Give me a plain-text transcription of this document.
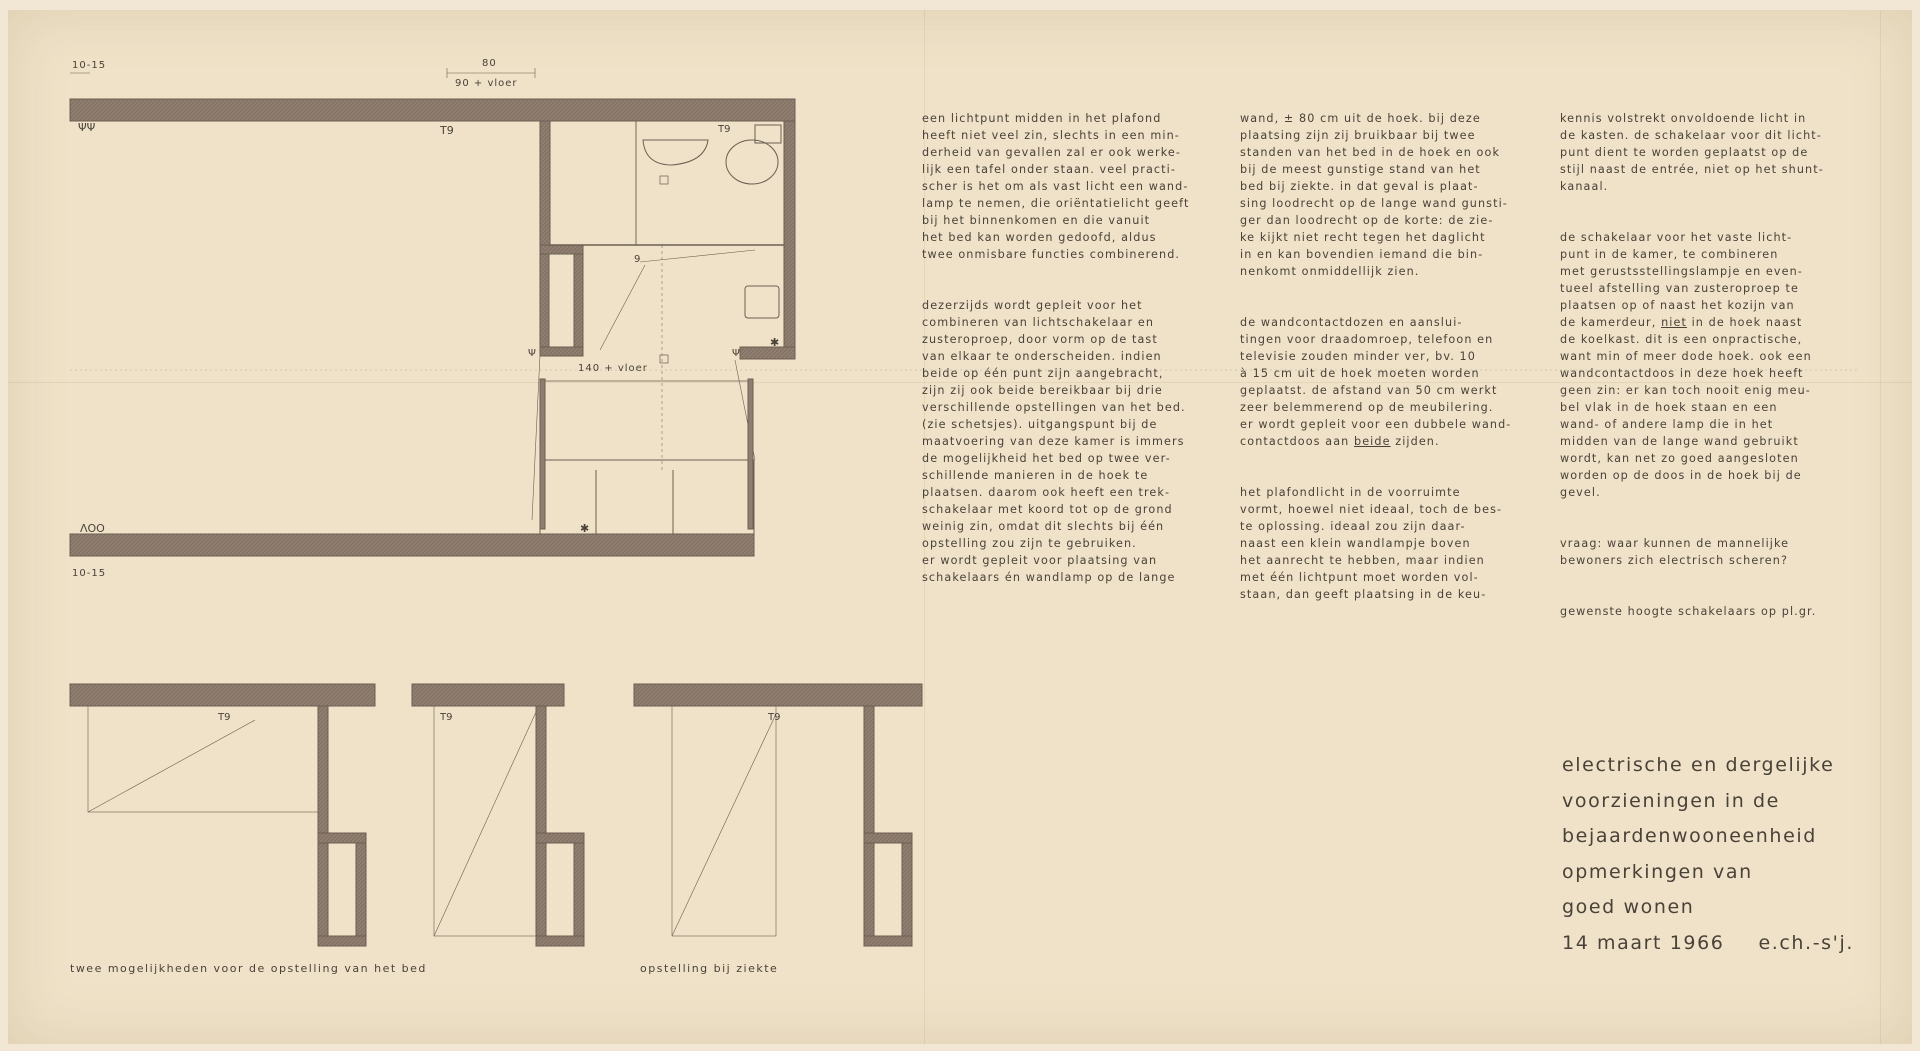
ΨΨ	T9	T9
9
Ψ	Ψ
✱
✱
ɅOO
T9	T9	T9
10-15	80
90 + vloer
140 + vloer
10-15

een lichtpunt midden in het plafond
heeft niet veel zin, slechts in een min-
derheid van gevallen zal er ook werke-
lijk een tafel onder staan. veel practi-
scher is het om als vast licht een wand-
lamp te nemen, die oriëntatielicht geeft
bij het binnenkomen en die vanuit
het bed kan worden gedoofd, aldus
twee onmisbare functies combinerend.

dezerzijds wordt gepleit voor het
combineren van lichtschakelaar en
zusteroproep, door vorm op de tast
van elkaar te onderscheiden. indien
beide op één punt zijn aangebracht,
zijn zij ook beide bereikbaar bij drie
verschillende opstellingen van het bed.
(zie schetsjes). uitgangspunt bij de
maatvoering van deze kamer is immers
de mogelijkheid het bed op twee ver-
schillende manieren in de hoek te
plaatsen. daarom ook heeft een trek-
schakelaar met koord tot op de grond
weinig zin, omdat dit slechts bij één
opstelling zou zijn te gebruiken.
er wordt gepleit voor plaatsing van
schakelaars én wandlamp op de lange

wand, ± 80 cm uit de hoek. bij deze
plaatsing zijn zij bruikbaar bij twee
standen van het bed in de hoek en ook
bij de meest gunstige stand van het
bed bij ziekte. in dat geval is plaat-
sing loodrecht op de lange wand gunsti-
ger dan loodrecht op de korte: de zie-
ke kijkt niet recht tegen het daglicht
in en kan bovendien iemand die bin-
nenkomt onmiddellijk zien.

de wandcontactdozen en aanslui-
tingen voor draadomroep, telefoon en
televisie zouden minder ver, bv. 10
à 15 cm uit de hoek moeten worden
geplaatst. de afstand van 50 cm werkt
zeer belemmerend op de meubilering.
er wordt gepleit voor een dubbele wand-
contactdoos aan beide zijden.

het plafondlicht in de voorruimte
vormt, hoewel niet ideaal, toch de bes-
te oplossing. ideaal zou zijn daar-
naast een klein wandlampje boven
het aanrecht te hebben, maar indien
met één lichtpunt moet worden vol-
staan, dan geeft plaatsing in de keu-

kennis volstrekt onvoldoende licht in
de kasten. de schakelaar voor dit licht-
punt dient te worden geplaatst op de
stijl naast de entrée, niet op het shunt-
kanaal.

de schakelaar voor het vaste licht-
punt in de kamer, te combineren
met gerustsstellingslampje en even-
tueel afstelling van zusteroproep te
plaatsen op of naast het kozijn van
de kamerdeur, niet in de hoek naast
de koelkast. dit is een onpractische,
want min of meer dode hoek. ook een
wandcontactdoos in deze hoek heeft
geen zin: er kan toch nooit enig meu-
bel vlak in de hoek staan en een
wand- of andere lamp die in het
midden van de lange wand gebruikt
wordt, kan net zo goed aangesloten
worden op de doos in de hoek bij de
gevel.

vraag: waar kunnen de mannelijke
bewoners zich electrisch scheren?

gewenste hoogte schakelaars op pl.gr.

twee mogelijkheden voor de opstelling van het bed	opstelling bij ziekte
electrische en dergelijke
voorzieningen in de
bejaardenwooneenheid
opmerkingen van
goed wonen
14 maart 1966 e.ch.-s'j.
